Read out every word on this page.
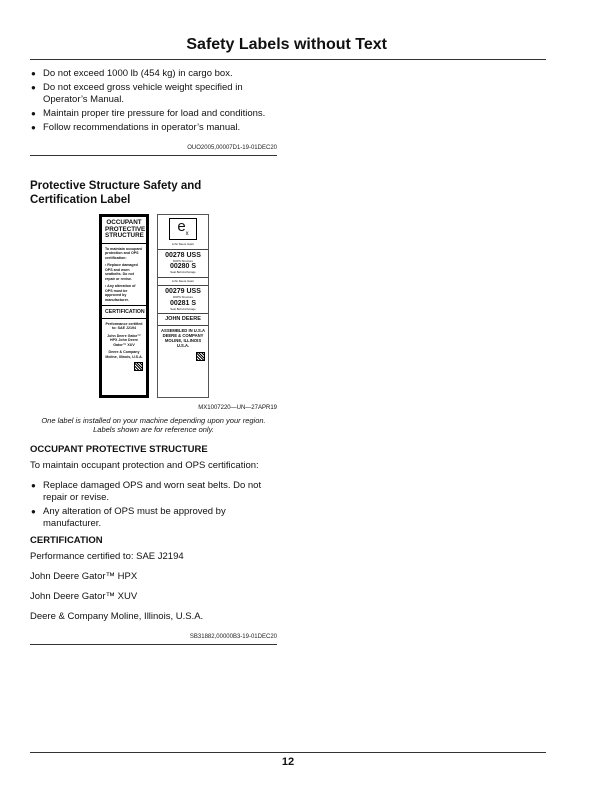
Safety Labels without Text
● Do not exceed 1000 lb (454 kg) in cargo box.
● Do not exceed gross vehicle weight specified in Operator’s Manual.
● Maintain proper tire pressure for load and conditions.
● Follow recommendations in operator’s manual.
OUO2005,00007D1-19-01DEC20
Protective Structure Safety and Certification Label
OCCUPANT PROTECTIVE STRUCTURE
To maintain occupant protection and OPS certification:
• Replace damaged OPS and worn seatbelts. Do not repair or revise.
• Any alteration of OPS must be approved by manufacturer.
CERTIFICATION
Performance certified to: SAE J2194
John Deere Gator™ HPX John Deere Gator™ XUV
Deere & Company Moline, Illinois, U.S.A.
$e_x$
John Deere Gator
00278 USS
ROPS Structure
00280 S
Seat Belt Anchorage
John Deere Gator
00279 USS
ROPS Structure
00281 S
Seat Belt Anchorage
JOHN DEERE
ASSEMBLED IN U.S.A DEERE & COMPANY MOLINE, ILLINOIS U.S.A.
MX1007220—UN—27APR19
One label is installed on your machine depending upon your region. Labels shown are for reference only.
OCCUPANT PROTECTIVE STRUCTURE

To maintain occupant protection and OPS certification:

● Replace damaged OPS and worn seat belts. Do not repair or revise.
● Any alteration of OPS must be approved by manufacturer.
CERTIFICATION

Performance certified to: SAE J2194

John Deere Gator™ HPX

John Deere Gator™ XUV

Deere & Company Moline, Illinois, U.S.A.

SB31882,00000B3-19-01DEC20
12
